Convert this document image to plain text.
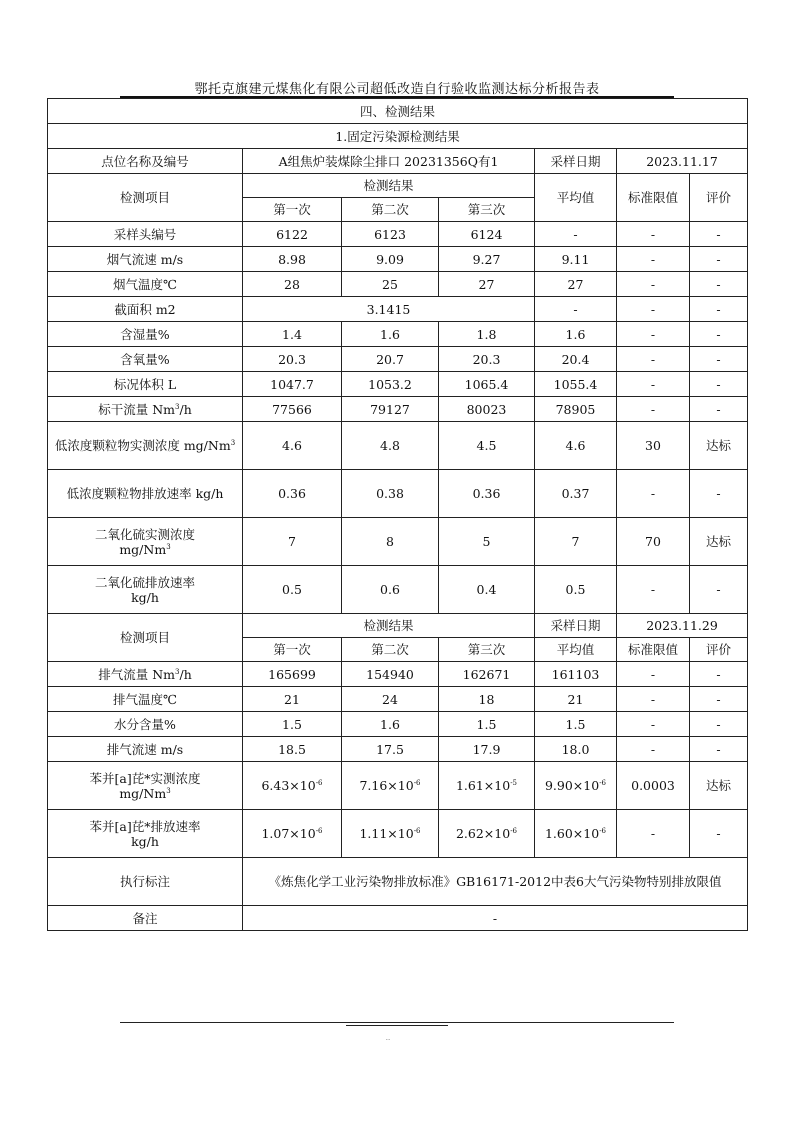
鄂托克旗建元煤焦化有限公司超低改造自行验收监测达标分析报告表
四、检测结果						
1.固定污染源检测结果						
点位名称及编号	A组焦炉装煤除尘排口 20231356Q有1			采样日期	2023.11.17	
检测项目	检测结果			平均值	标准限值	评价
	第一次	第二次	第三次			
采样头编号	6122	6123	6124	-	-	-
烟气流速 m/s	8.98	9.09	9.27	9.11	-	-
烟气温度℃	28	25	27	27	-	-
截面积 m2	3.1415			-	-	-
含湿量%	1.4	1.6	1.8	1.6	-	-
含氧量%	20.3	20.7	20.3	20.4	-	-
标况体积 L	1047.7	1053.2	1065.4	1055.4	-	-
标干流量 Nm$^3$/h	77566	79127	80023	78905	-	-
低浓度颗粒物实测浓度 mg/Nm$^3$	4.6	4.8	4.5	4.6	30	达标
低浓度颗粒物排放速率 kg/h	0.36	0.38	0.36	0.37	-	-
二氧化硫实测浓度
mg/Nm$^3$	7	8	5	7	70	达标
二氧化硫排放速率
kg/h	0.5	0.6	0.4	0.5	-	-
检测项目	检测结果			采样日期	2023.11.29	
	第一次	第二次	第三次	平均值	标准限值	评价
排气流量 Nm$^3$/h	165699	154940	162671	161103	-	-
排气温度℃	21	24	18	21	-	-
水分含量%	1.5	1.6	1.5	1.5	-	-
排气流速 m/s	18.5	17.5	17.9	18.0	-	-
苯并[a]芘*实测浓度
mg/Nm$^3$	$6.43\times 10^{-6}$	$7.16\times 10^{-6}$	$1.61\times 10^{-5}$	$9.90\times 10^{-6}$	0.0003	达标
苯并[a]芘*排放速率
kg/h	$1.07\times 10^{-6}$	$1.11\times 10^{-6}$	$2.62\times 10^{-6}$	$1.60\times 10^{-6}$	-	-
执行标注	《炼焦化学工业污染物排放标准》GB16171-2012中表6大气污染物特别排放限值					
备注	-					
··
